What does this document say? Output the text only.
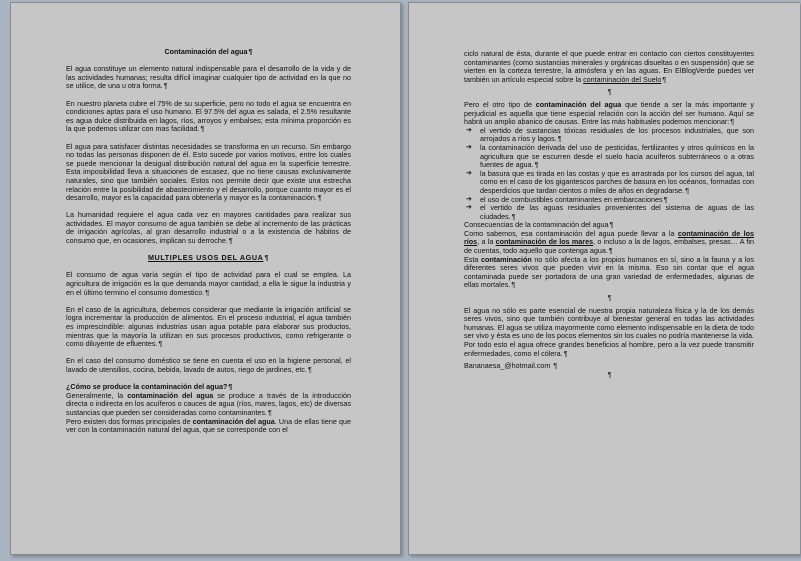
Contaminación del agua¶

El agua constituye un elemento natural indispensable para el desarrollo de la vida y de las actividades humanas; resulta difícil imaginar cualquier tipo de actividad en la que no se utilice, de una u otra forma.¶

En nuestro planeta cubre el 75% de su superficie, pero no todo el agua se encuentra en condiciones aptas para el uso humano. El 97.5% del agua es salada, el 2.5% resultante es agua dulce distribuida en lagos, ríos, arroyos y embalses; esta mínima proporción es la que podemos utilizar con mas facilidad.¶

El agua para satisfacer distintas necesidades se transforma en un recurso. Sin embargo no todas las personas disponen de él. Esto sucede por varios motivos, entre los cuales se puede mencionar la desigual distribución natural del agua en la superficie terrestre. Esta imposibilidad lleva a situaciones de escasez, que no tiene causas exclusivamente naturales, sino que también sociales. Estos nos permite decir que existe una estrecha relación entre la posibilidad de abastecimiento y el desarrollo, porque cuanto mayor es el desarrollo, mayor es la capacidad para obtenerla y mayor es la contaminación.¶

La humanidad requiere el agua cada vez en mayores cantidades para realizar sus actividades. El mayor consumo de agua también se debe al incremento de las prácticas de irrigación agrícolas, al gran desarrollo industrial o a la existencia de hábitos de consumo que, en ocasiones, implican su derroche.¶

MULTIPLES USOS DEL AGUA¶

El consumo de agua varía según el tipo de actividad para el cual se emplea. La agricultura de irrigación es la que demanda mayor cantidad; a ella le sigue la industria y en el último termino el consumo domestico.¶

En el caso de la agricultura, debemos considerar que mediante la irrigación artificial se logra incrementar la producción de alimentos. En el proceso industrial, el agua también es imprescindible: algunas industrias usan agua potable para elaborar sus productos, mientras que la mayoría la utilizan en sus procesos productivos, como refrigerante o como diluyente de efluentes.¶

En el caso del consumo doméstico se tiene en cuenta el uso en la higiene personal, el lavado de utensilios, cocina, bebida, lavado de autos, riego de jardines, etc.¶

¿Cómo se produce la contaminación del agua?¶

Generalmente, la contaminación del agua se produce a través de la introducción directa o indirecta en los acuíferos o cauces de agua (ríos, mares, lagos, etc) de diversas sustancias que pueden ser consideradas como contaminantes.¶

Pero existen dos formas principales de contaminación del agua. Una de ellas tiene que ver con la contaminación natural del agua, que se corresponde con el

ciclo natural de ésta, durante el que puede entrar en contacto con ciertos constituyentes contaminantes (como sustancias minerales y orgánicas disueltas o en suspensión) que se vierten en la corteza terrestre, la atmósfera y en las aguas. En ElBlogVerde puedes ver también un artículo especial sobre la contaminación del Suelo¶

¶

Pero el otro tipo de contaminación del agua que tiende a ser la más importante y perjudicial es aquella que tiene especial relación con la acción del ser humano. Aquí se habrá un amplio abanico de causas. Entre las más habituales podemos mencionar:¶

➔ el vertido de sustancias tóxicas residuales de los procesos industriales, que son arrojados a ríos y lagos.¶
➔ la contaminación derivada del uso de pesticidas, fertilizantes y otros químicos en la agricultura que se escurren desde el suelo hacia acuíferos subterráneos o a otras fuentes de agua.¶
➔ la basura que es tirada en las costas y que es arrastrada por los cursos del agua, tal como en el caso de los gigantescos parches de basura en los océanos, formadas con desperdicios que tardan cientos o miles de años en degradarse.¶
➔ el uso de combustibles contaminantes en embarcaciones¶
➔ el vertido de las aguas residuales provenientes del sistema de aguas de las ciudades.¶

Consecuencias de la contaminación del agua¶

Como sabemos, esa contaminación del agua puede llevar a la contaminación de los ríos, a la contaminación de los mares, o incluso a la de lagos, embalses, presas… A fin de cuentas, todo aquello que contenga agua.¶

Esta contaminación no sólo afecta a los propios humanos en sí, sino a la fauna y a los diferentes seres vivos que pueden vivir en la misma. Eso sin contar que el agua contaminada puede ser portadora de una gran variedad de enfermedades, algunas de ellas mortales.¶

¶

El agua no sólo es parte esencial de nuestra propia naturaleza física y la de los demás seres vivos, sino que también contribuye al bienestar general en todas las actividades humanas. El agua se utiliza mayormente como elemento indispensable en la dieta de todo ser vivo y ésta es uno de los pocos elementos sin los cuales no podría mantenerse la vida. Por todo esto el agua ofrece grandes beneficios al hombre, pero a la vez puede transmitir enfermedades, como el cólera.¶

Bananaesa_@hotmail.com ¶

¶
